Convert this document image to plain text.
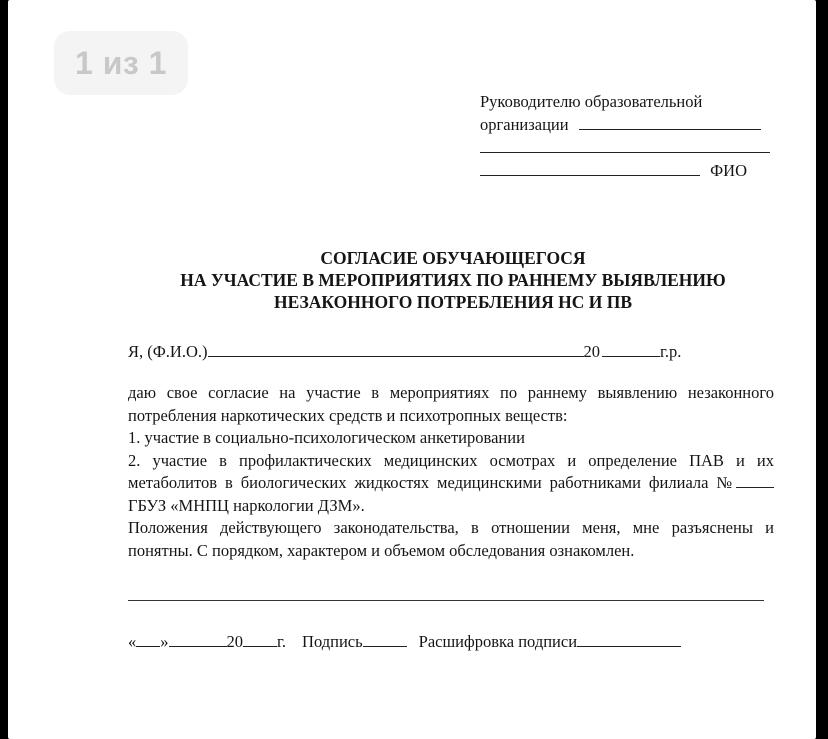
1 из 1
Руководителю образовательной
организации
ФИО
СОГЛАСИЕ ОБУЧАЮЩЕГОСЯ
НА УЧАСТИЕ В МЕРОПРИЯТИЯХ ПО РАННЕМУ ВЫЯВЛЕНИЮ
НЕЗАКОННОГО ПОТРЕБЛЕНИЯ НС И ПВ
Я, (Ф.И.О.)	20	г.р.

даю свое согласие на участие в мероприятиях по раннему выявлению незаконного потребления наркотических средств и психотропных веществ:

1. участие в социально-психологическом анкетировании

2. участие в профилактических медицинских осмотрах и определение ПАВ и их метаболитов в биологических жидкостях медицинскими работниками филиала № ГБУЗ «МНПЦ наркологии ДЗМ».

Положения действующего законодательства, в отношении меня, мне разъяснены и понятны. С порядком, характером и объемом обследования ознакомлен.

« »	20 г. Подпись	Расшифровка подписи
